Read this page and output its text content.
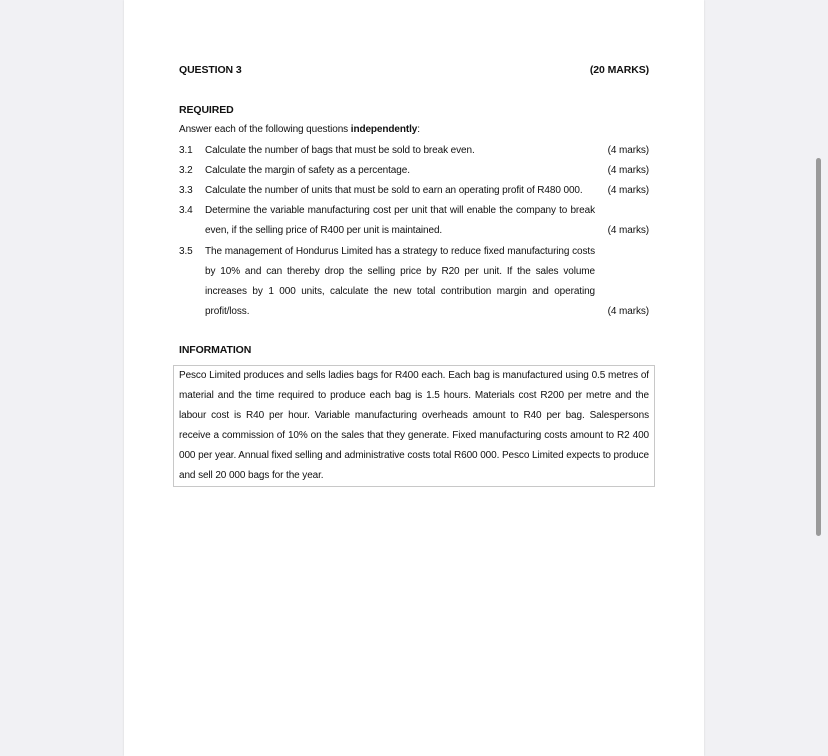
QUESTION 3	(20 MARKS)
REQUIRED
Answer each of the following questions independently:
3.1 Calculate the number of bags that must be sold to break even.	(4 marks)
3.2 Calculate the margin of safety as a percentage.	(4 marks)
3.3 Calculate the number of units that must be sold to earn an operating profit of R480 000.	(4 marks)
3.4 Determine the variable manufacturing cost per unit that will enable the company to break even, if the selling price of R400 per unit is maintained.	(4 marks)
3.5 The management of Hondurus Limited has a strategy to reduce fixed manufacturing costs by 10% and can thereby drop the selling price by R20 per unit. If the sales volume increases by 1 000 units, calculate the new total contribution margin and operating profit/loss.	(4 marks)
INFORMATION
Pesco Limited produces and sells ladies bags for R400 each. Each bag is manufactured using 0.5 metres of material and the time required to produce each bag is 1.5 hours. Materials cost R200 per metre and the labour cost is R40 per hour. Variable manufacturing overheads amount to R40 per bag. Salespersons receive a commission of 10% on the sales that they generate. Fixed manufacturing costs amount to R2 400 000 per year. Annual fixed selling and administrative costs total R600 000. Pesco Limited expects to produce and sell 20 000 bags for the year.
